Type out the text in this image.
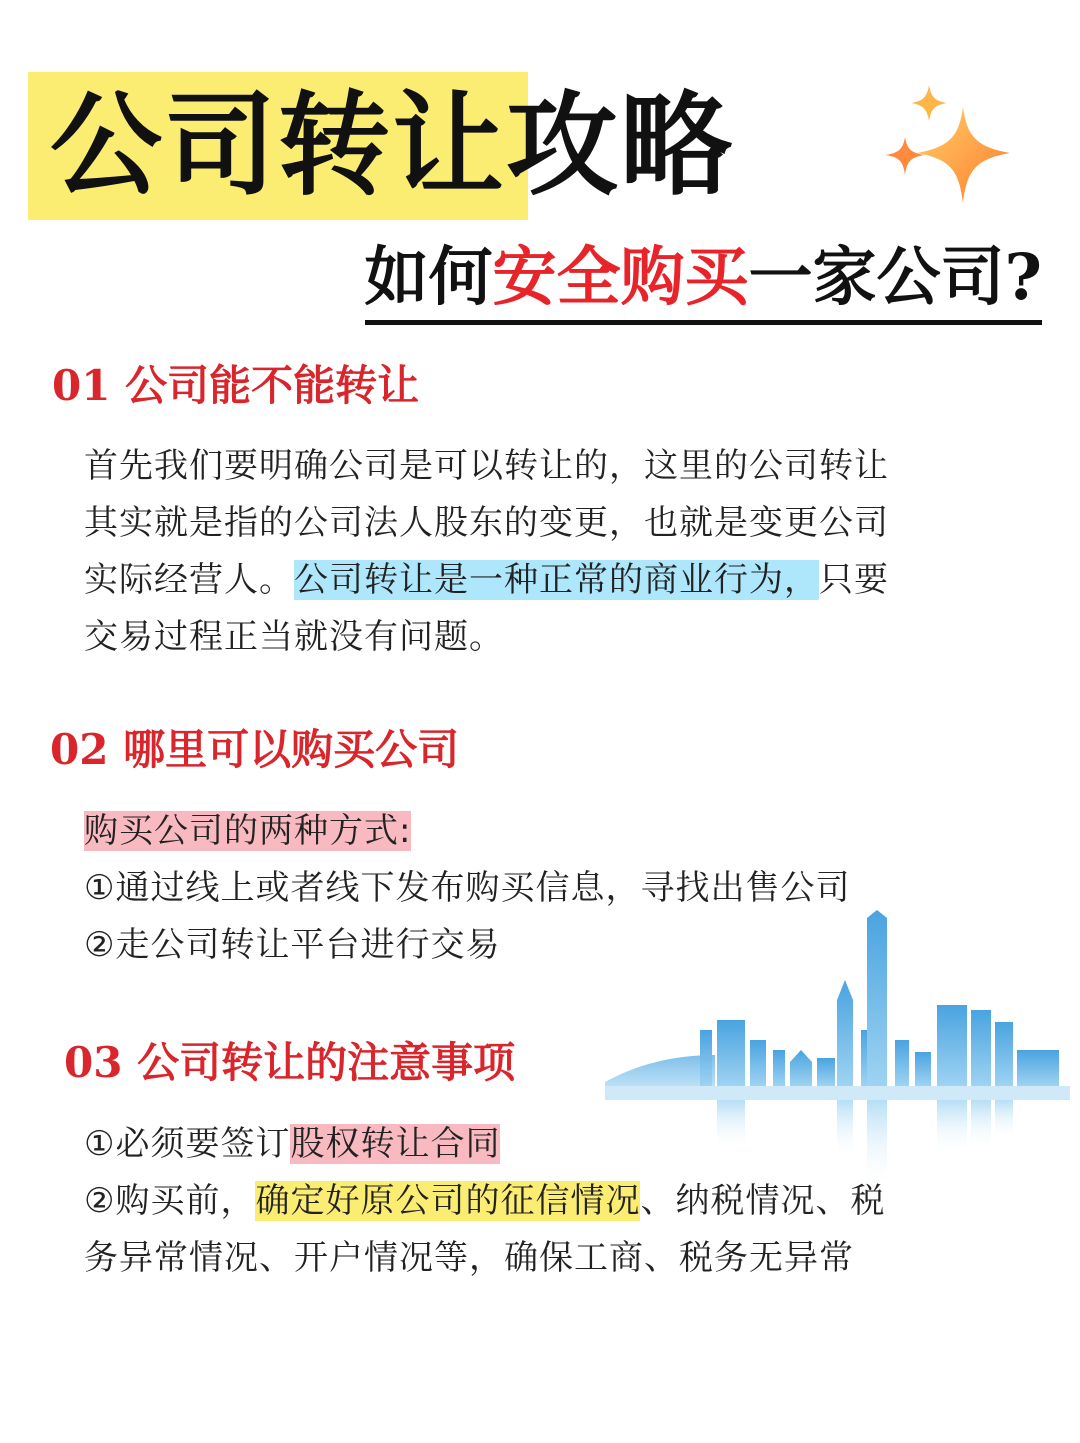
公司转让攻略
如何安全购买一家公司?
01 公司能不能转让
首先我们要明确公司是可以转让的，这里的公司转让
其实就是指的公司法人股东的变更，也就是变更公司
实际经营人。公司转让是一种正常的商业行为，只要
交易过程正当就没有问题。
02 哪里可以购买公司
购买公司的两种方式:
①通过线上或者线下发布购买信息，寻找出售公司
②走公司转让平台进行交易
03 公司转让的注意事项
①必须要签订股权转让合同
②购买前，确定好原公司的征信情况、纳税情况、税
务异常情况、开户情况等，确保工商、税务无异常
